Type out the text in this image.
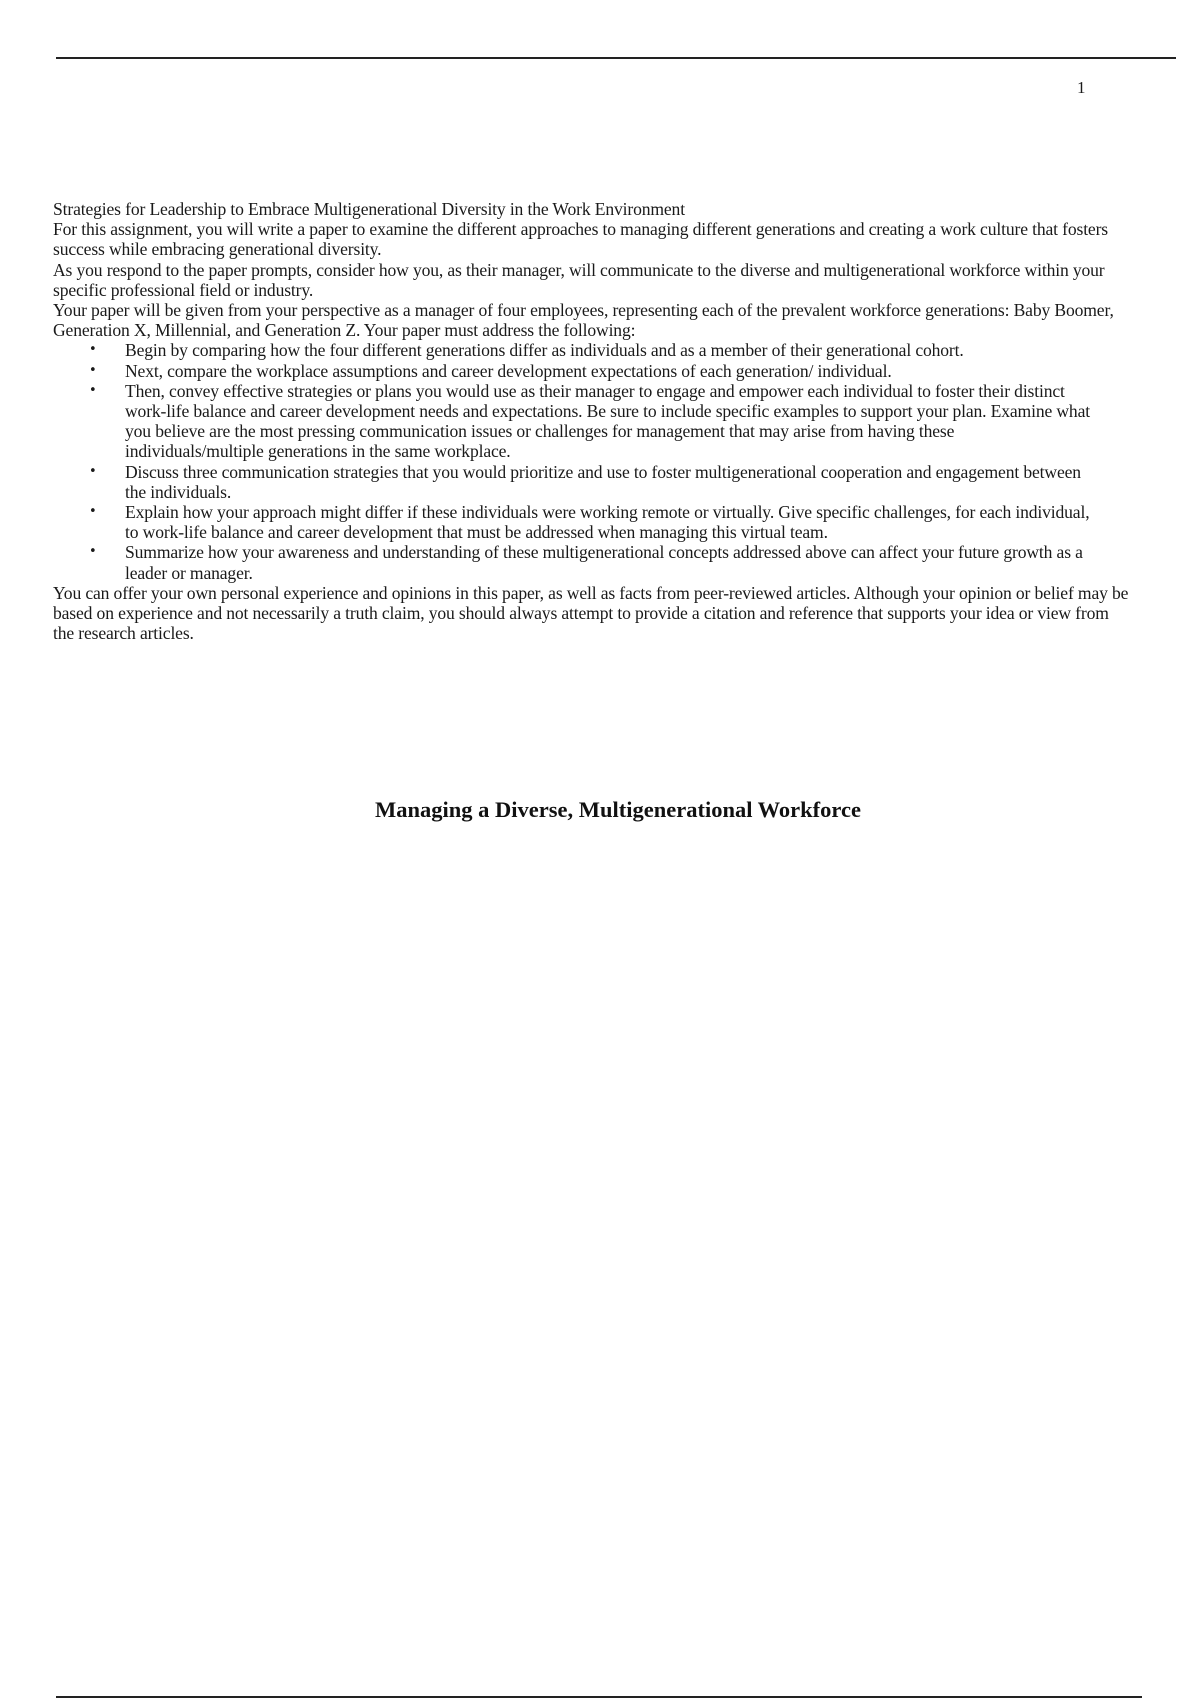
1

Strategies for Leadership to Embrace Multigenerational Diversity in the Work Environment

For this assignment, you will write a paper to examine the different approaches to managing different generations and creating a work culture that fosters success while embracing generational diversity.

As you respond to the paper prompts, consider how you, as their manager, will communicate to the diverse and multigenerational workforce within your specific professional field or industry.

Your paper will be given from your perspective as a manager of four employees, representing each of the prevalent workforce generations: Baby Boomer, Generation X, Millennial, and Generation Z. Your paper must address the following:

• Begin by comparing how the four different generations differ as individuals and as a member of their generational cohort.
• Next, compare the workplace assumptions and career development expectations of each generation/ individual.
• Then, convey effective strategies or plans you would use as their manager to engage and empower each individual to foster their distinct work-life balance and career development needs and expectations. Be sure to include specific examples to support your plan. Examine what you believe are the most pressing communication issues or challenges for management that may arise from having these individuals/multiple generations in the same workplace.
• Discuss three communication strategies that you would prioritize and use to foster multigenerational cooperation and engagement between the individuals.
• Explain how your approach might differ if these individuals were working remote or virtually. Give specific challenges, for each individual, to work-life balance and career development that must be addressed when managing this virtual team.
• Summarize how your awareness and understanding of these multigenerational concepts addressed above can affect your future growth as a leader or manager.

You can offer your own personal experience and opinions in this paper, as well as facts from peer-reviewed articles. Although your opinion or belief may be based on experience and not necessarily a truth claim, you should always attempt to provide a citation and reference that supports your idea or view from the research articles.

Managing a Diverse, Multigenerational Workforce
